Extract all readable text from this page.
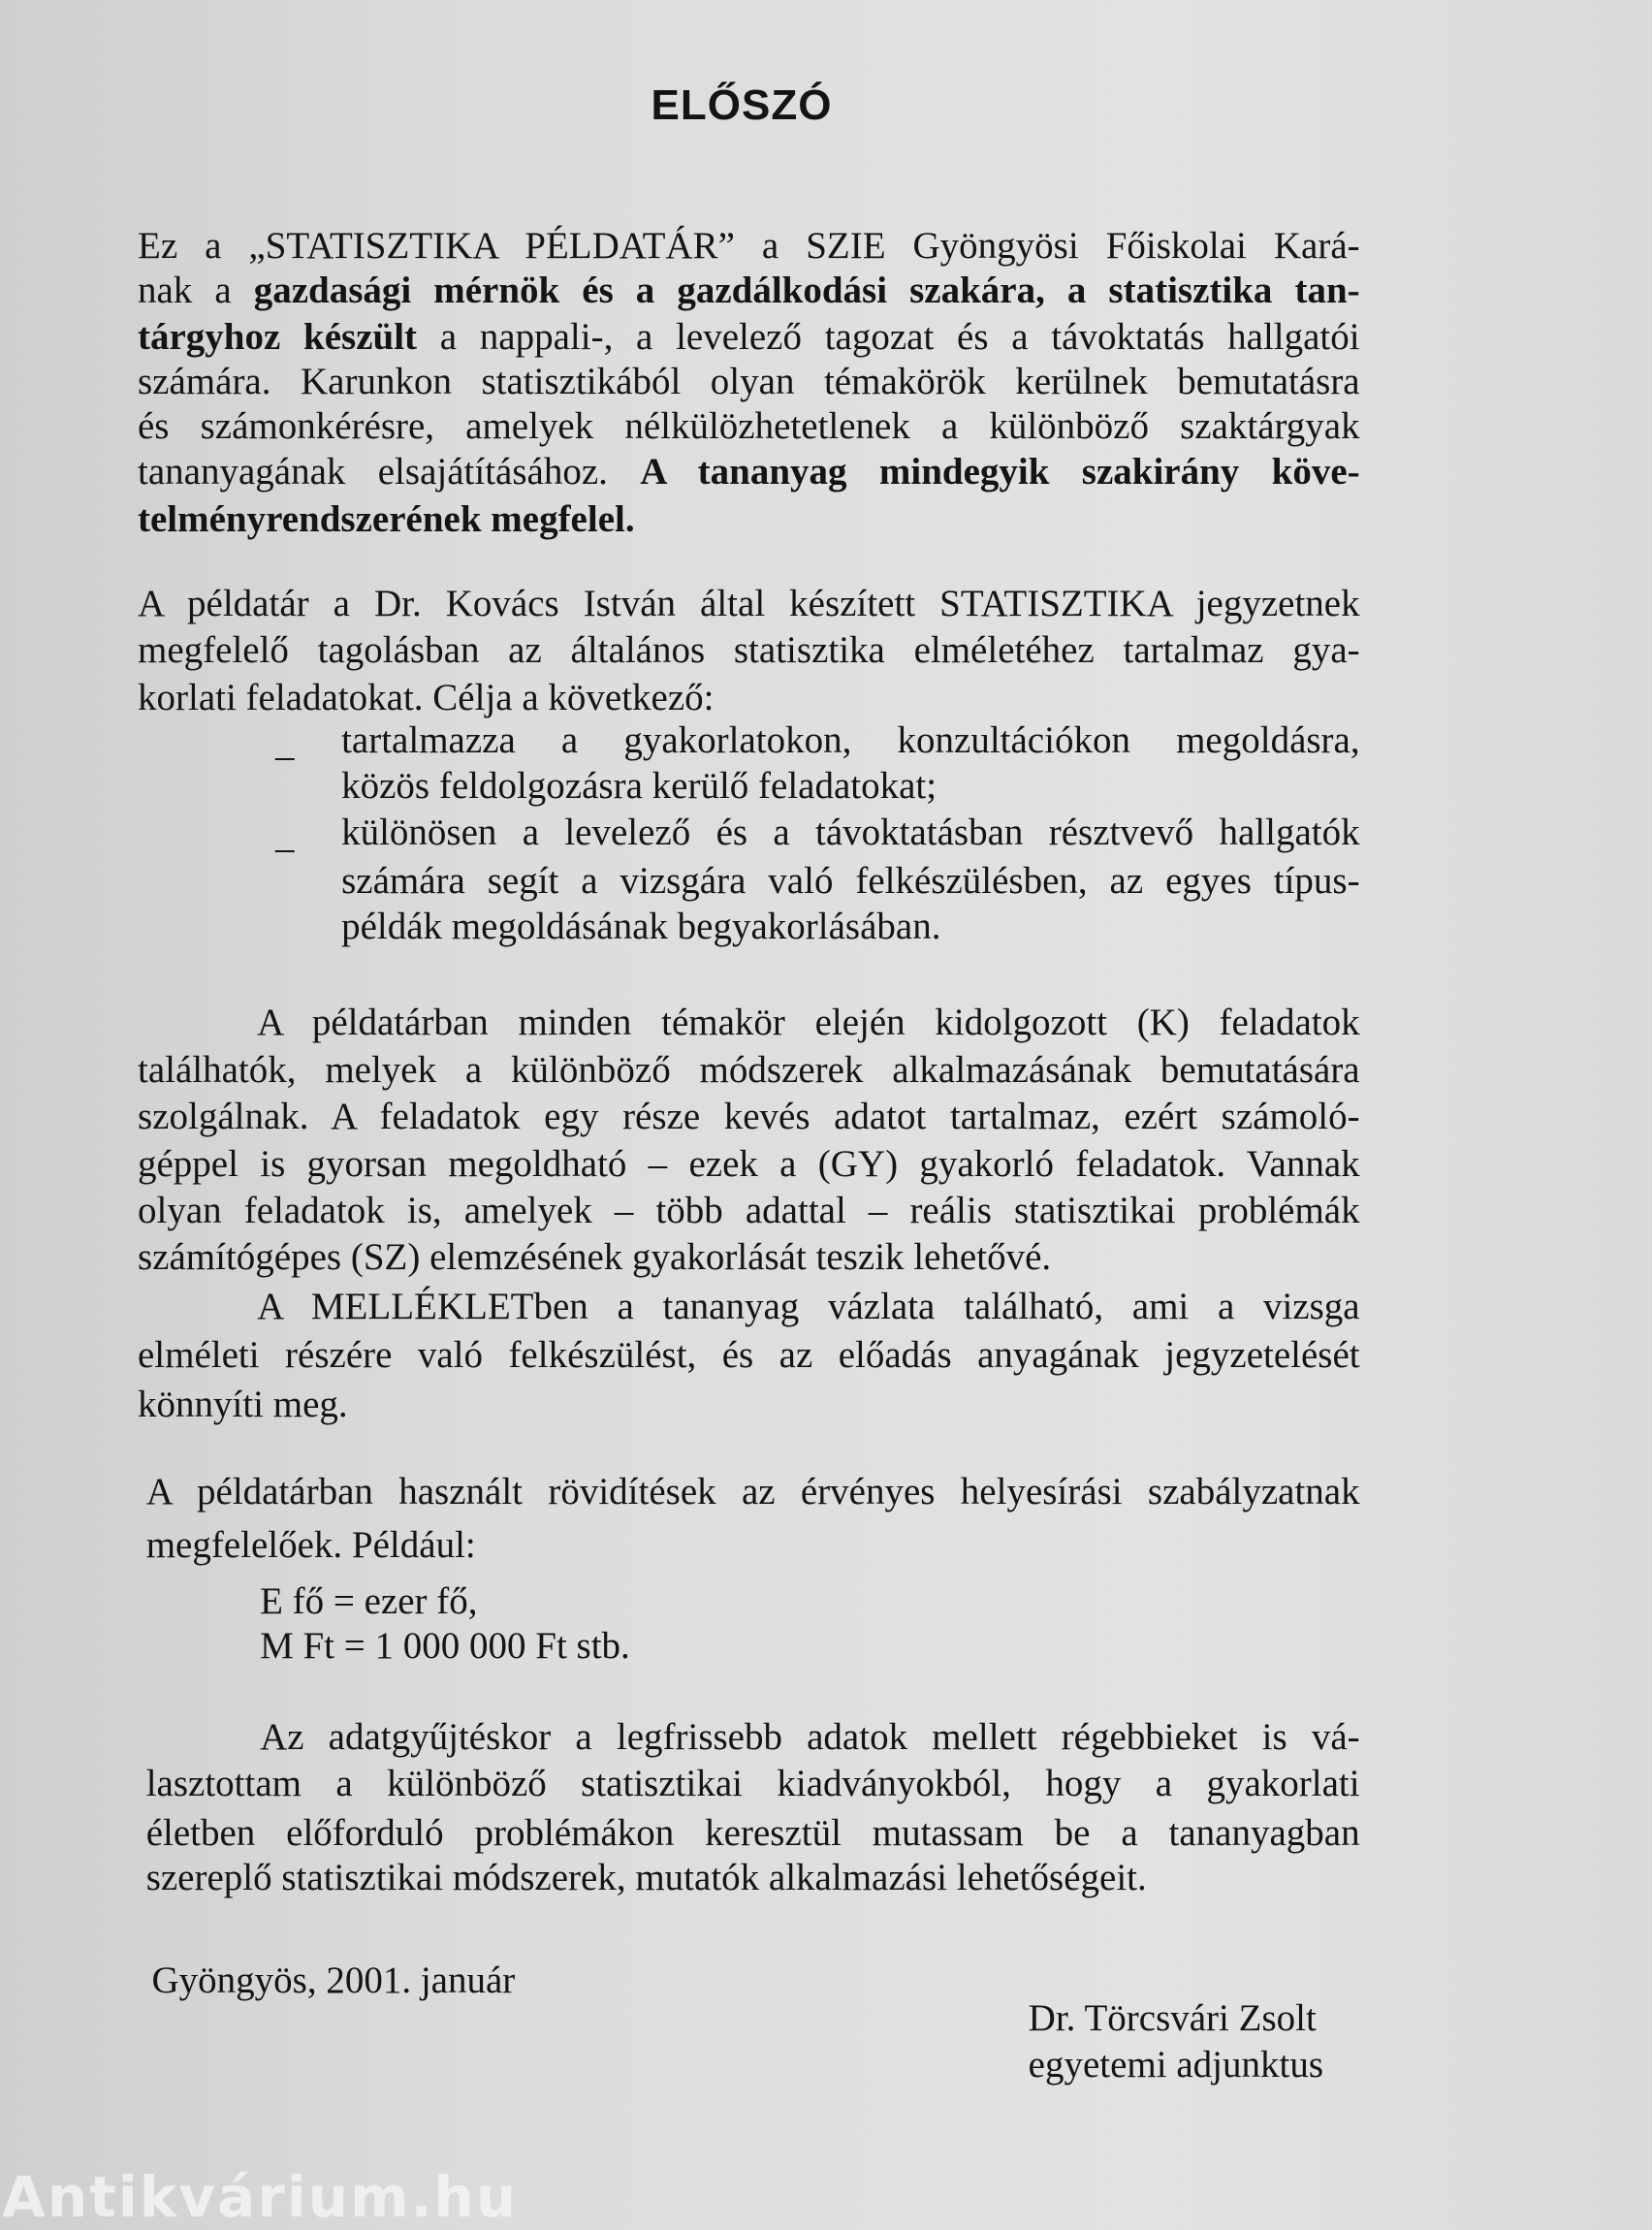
ELŐSZÓ
Ez a „STATISZTIKA PÉLDATÁR” a SZIE Gyöngyösi Főiskolai Kará-
nak a gazdasági mérnök és a gazdálkodási szakára, a statisztika tan-
tárgyhoz készült a nappali-, a levelező tagozat és a távoktatás hallgatói
számára. Karunkon statisztikából olyan témakörök kerülnek bemutatásra
és számonkérésre, amelyek nélkülözhetetlenek a különböző szaktárgyak
tananyagának elsajátításához. A tananyag mindegyik szakirány köve-
telményrendszerének megfelel.
A példatár a Dr. Kovács István által készített STATISZTIKA jegyzetnek
megfelelő tagolásban az általános statisztika elméletéhez tartalmaz gya-
korlati feladatokat. Célja a következő:
tartalmazza a gyakorlatokon, konzultációkon megoldásra,
közös feldolgozásra kerülő feladatokat;
különösen a levelező és a távoktatásban résztvevő hallgatók
számára segít a vizsgára való felkészülésben, az egyes típus-
példák megoldásának begyakorlásában.
A példatárban minden témakör elején kidolgozott (K) feladatok
találhatók, melyek a különböző módszerek alkalmazásának bemutatására
szolgálnak. A feladatok egy része kevés adatot tartalmaz, ezért számoló-
géppel is gyorsan megoldható – ezek a (GY) gyakorló feladatok. Vannak
olyan feladatok is, amelyek – több adattal – reális statisztikai problémák
számítógépes (SZ) elemzésének gyakorlását teszik lehetővé.
A MELLÉKLETben a tananyag vázlata található, ami a vizsga
elméleti részére való felkészülést, és az előadás anyagának jegyzetelését
könnyíti meg.
A példatárban használt rövidítések az érvényes helyesírási szabályzatnak
megfelelőek. Például:
E fő = ezer fő,
M Ft = 1 000 000 Ft stb.
Az adatgyűjtéskor a legfrissebb adatok mellett régebbieket is vá-
lasztottam a különböző statisztikai kiadványokból, hogy a gyakorlati
életben előforduló problémákon keresztül mutassam be a tananyagban
szereplő statisztikai módszerek, mutatók alkalmazási lehetőségeit.
Gyöngyös, 2001. január
Dr. Törcsvári Zsolt
egyetemi adjunktus
–
–
Antikvárium.hu
